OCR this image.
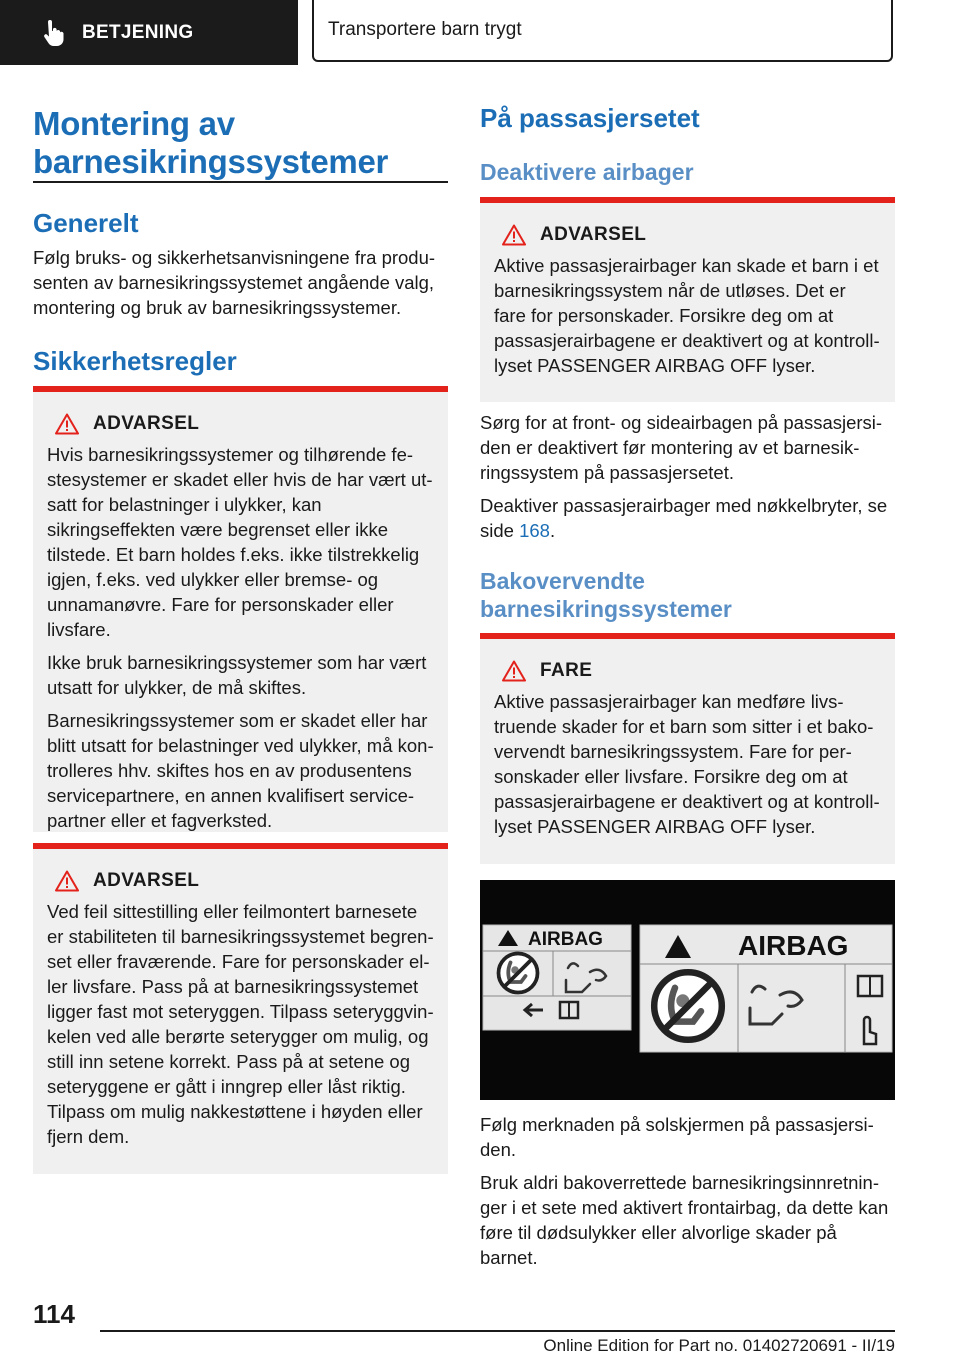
BETJENING	Transportere barn trygt
Montering av
barnesikringssystemer
Generelt

Følg bruks- og sikkerhetsanvisningene fra produsenten av barnesikringssystemet angående valg, montering og bruk av barnesikringssystemer.

Sikkerhetsregler
ADVARSEL

Hvis barnesikringssystemer og tilhørende festesystemer er skadet eller hvis de har vært utsatt for belastninger i ulykker, kan sikringseffekten være begrenset eller ikke tilstede. Et barn holdes f.eks. ikke tilstrekkelig igjen, f.eks. ved ulykker eller bremse- og unnamanøvre. Fare for personskader eller livsfare.

Ikke bruk barnesikringssystemer som har vært utsatt for ulykker, de må skiftes.

Barnesikringssystemer som er skadet eller har blitt utsatt for belastninger ved ulykker, må kontrolleres hhv. skiftes hos en av produsentens servicepartnere, en annen kvalifisert servicepartner eller et fagverksted.

ADVARSEL

Ved feil sittestilling eller feilmontert barnesete er stabiliteten til barnesikringssystemet begrenset eller fraværende. Fare for personskader eller livsfare. Pass på at barnesikringssystemet ligger fast mot seteryggen. Tilpass seteryggvinkelen ved alle berørte seterygger om mulig, og still inn setene korrekt. Pass på at setene og seteryggene er gått i inngrep eller låst riktig. Tilpass om mulig nakkestøttene i høyden eller fjern dem.

På passasjersetet
Deaktivere airbager
ADVARSEL

Aktive passasjerairbager kan skade et barn i et barnesikringssystem når de utløses. Det er fare for personskader. Forsikre deg om at passasjerairbagene er deaktivert og at kontroll-lyset PASSENGER AIRBAG OFF lyser.

Sørg for at front- og sideairbagen på passasjersiden er deaktivert før montering av et barnesikringssystem på passasjersetet.

Deaktiver passasjerairbager med nøkkelbryter, se side 168.

Bakovervendte
barnesikringssystemer
FARE

Aktive passasjerairbager kan medføre livstruende skader for et barn som sitter i et bakovervendt barnesikringssystem. Fare for personskader eller livsfare. Forsikre deg om at passasjerairbagene er deaktivert og at kontrolllyset PASSENGER AIRBAG OFF lyser.

AIRBAG	AIRBAG

Følg merknaden på solskjermen på passasjersiden.

Bruk aldri bakoverrettede barnesikringsinnretninger i et sete med aktivert frontairbag, da dette kan føre til dødsulykker eller alvorlige skader på barnet.

114
Online Edition for Part no. 01402720691 - II/19
